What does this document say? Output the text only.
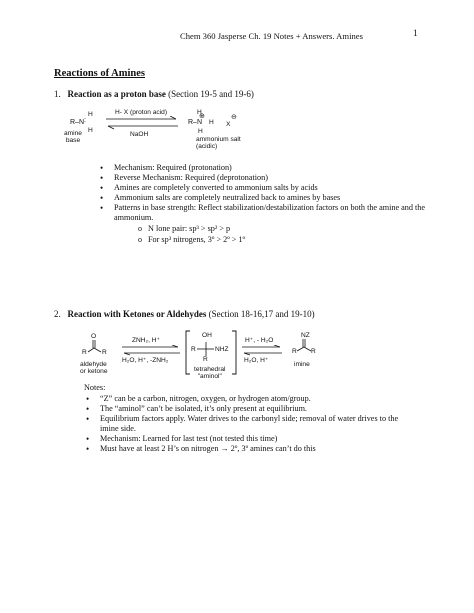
Chem 360 Jasperse Ch. 19 Notes + Answers. Amines	1
Reactions of Amines
1. Reaction as a proton base (Section 19-5 and 19-6)
R–N
H
H
:
amine
base
H- X (proton acid)
NaOH
R–N
H
H
H
⊕
X
⊖
ammonium salt
(acidic)
• Mechanism: Required (protonation)
• Reverse Mechanism: Required (deprotonation)
• Amines are completely converted to ammonium salts by acids
• Ammonium salts are completely neutralized back to amines by bases
• Patterns in base strength: Reflect stabilization/destabilization factors on both the amine and the ammonium.
o N lone pair: sp³ > sp² > p
o For sp³ nitrogens, 3º > 2º > 1º
2. Reaction with Ketones or Aldehydes (Section 18-16,17 and 19-10)
O
R R
aldehyde
or ketone
ZNH₂, H⁺
H₂O, H⁺, -ZNH₂
OH
R	NHZ
R
tetrahedral
"aminol"
H⁺, - H₂O
H₂O, H⁺
NZ
R R
imine
Notes:
• “Z” can be a carbon, nitrogen, oxygen, or hydrogen atom/group.
• The “aminol” can’t be isolated, it’s only present at equilibrium.
• Equilibrium factors apply. Water drives to the carbonyl side; removal of water drives to the imine side.
• Mechanism: Learned for last test (not tested this time)
• Must have at least 2 H’s on nitrogen → 2º, 3º amines can’t do this
